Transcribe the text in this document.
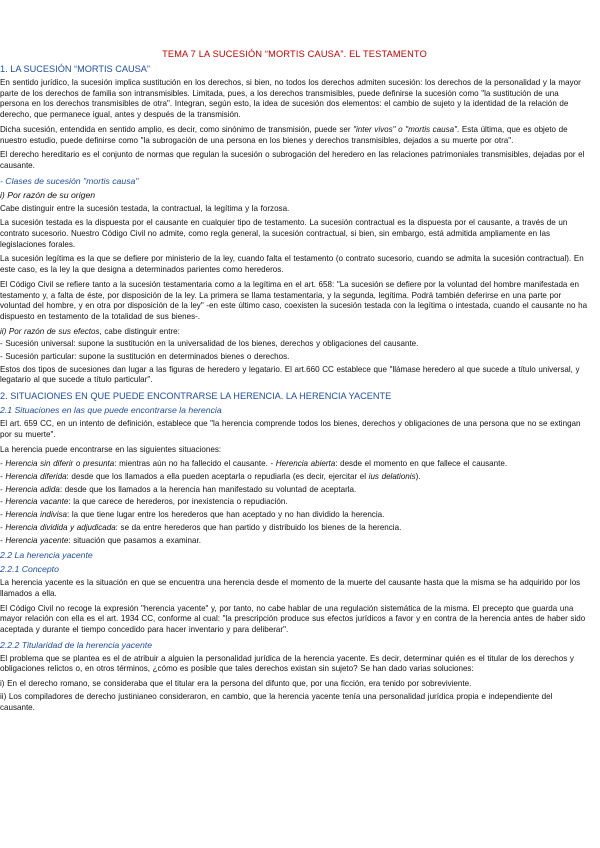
TEMA 7 LA SUCESIÓN “MORTIS CAUSA”. EL TESTAMENTO
1. LA SUCESIÓN “MORTIS CAUSA”

En sentido jurídico, la sucesión implica sustitución en los derechos, si bien, no todos los derechos admiten sucesión: los derechos de la personalidad y la mayor parte de los derechos de familia son intransmisibles. Limitada, pues, a los derechos transmisibles, puede definirse la sucesión como "la sustitución de una persona en los derechos transmisibles de otra". Integran, según esto, la idea de sucesión dos elementos: el cambio de sujeto y la identidad de la relación de derecho, que permanece igual, antes y después de la transmisión.

Dicha sucesión, entendida en sentido amplio, es decir, como sinónimo de transmisión, puede ser "inter vivos" o "mortis causa". Esta última, que es objeto de nuestro estudio, puede definirse como "la subrogación de una persona en los bienes y derechos transmisibles, dejados a su muerte por otra".

El derecho hereditario es el conjunto de normas que regulan la sucesión o subrogación del heredero en las relaciones patrimoniales transmisibles, dejadas por el causante.

- Clases de sucesión "mortis causa"
i) Por razón de su origen

Cabe distinguir entre la sucesión testada, la contractual, la legítima y la forzosa.

La sucesión testada es la dispuesta por el causante en cualquier tipo de testamento. La sucesión contractual es la dispuesta por el causante, a través de un contrato sucesorio. Nuestro Código Civil no admite, como regla general, la sucesión contractual, si bien, sin embargo, está admitida ampliamente en las legislaciones forales.

La sucesión legítima es la que se defiere por ministerio de la ley, cuando falta el testamento (o contrato sucesorio, cuando se admita la sucesión contractual). En este caso, es la ley la que designa a determinados parientes como herederos.

El Código Civil se refiere tanto a la sucesión testamentaria como a la legítima en el art. 658: "La sucesión se defiere por la voluntad del hombre manifestada en testamento y, a falta de éste, por disposición de la ley. La primera se llama testamentaria, y la segunda, legítima. Podrá también deferirse en una parte por voluntad del hombre, y en otra por disposición de la ley" -en este último caso, coexisten la sucesión testada con la legítima o intestada, cuando el causante no ha dispuesto en testamento de la totalidad de sus bienes-.

ii) Por razón de sus efectos, cabe distinguir entre:

- Sucesión universal: supone la sustitución en la universalidad de los bienes, derechos y obligaciones del causante.

- Sucesión particular: supone la sustitución en determinados bienes o derechos.

Estos dos tipos de sucesiones dan lugar a las figuras de heredero y legatario. El art.660 CC establece que "llámase heredero al que sucede a título universal, y legatario al que sucede a título particular".

2. SITUACIONES EN QUE PUEDE ENCONTRARSE LA HERENCIA. LA HERENCIA YACENTE
2.1 Situaciones en las que puede encontrarse la herencia

El art. 659 CC, en un intento de definición, establece que "la herencia comprende todos los bienes, derechos y obligaciones de una persona que no se extingan por su muerte".

La herencia puede encontrarse en las siguientes situaciones:

- Herencia sin diferir o presunta: mientras aún no ha fallecido el causante. - Herencia abierta: desde el momento en que fallece el causante.

- Herencia diferida: desde que los llamados a ella pueden aceptarla o repudiarla (es decir, ejercitar el ius delationis).

- Herencia adida: desde que los llamados a la herencia han manifestado su voluntad de aceptarla.

- Herencia vacante: la que carece de herederos, por inexistencia o repudiación.

- Herencia indivisa: la que tiene lugar entre los herederos que han aceptado y no han dividido la herencia.

- Herencia dividida y adjudicada: se da entre herederos que han partido y distribuido los bienes de la herencia.

- Herencia yacente: situación que pasamos a examinar.

2.2 La herencia yacente
2.2.1 Concepto

La herencia yacente es la situación en que se encuentra una herencia desde el momento de la muerte del causante hasta que la misma se ha adquirido por los llamados a ella.

El Código Civil no recoge la expresión "herencia yacente" y, por tanto, no cabe hablar de una regulación sistemática de la misma. El precepto que guarda una mayor relación con ella es el art. 1934 CC, conforme al cual: "la prescripción produce sus efectos jurídicos a favor y en contra de la herencia antes de haber sido aceptada y durante el tiempo concedido para hacer inventario y para deliberar".

2.2.2 Titularidad de la herencia yacente

El problema que se plantea es el de atribuir a alguien la personalidad jurídica de la herencia yacente. Es decir, determinar quién es el titular de los derechos y obligaciones relictos o, en otros términos, ¿cómo es posible que tales derechos existan sin sujeto? Se han dado varias soluciones:

i) En el derecho romano, se consideraba que el titular era la persona del difunto que, por una ficción, era tenido por sobreviviente.

ii) Los compiladores de derecho justinianeo consideraron, en cambio, que la herencia yacente tenía una personalidad jurídica propia e independiente del causante.
